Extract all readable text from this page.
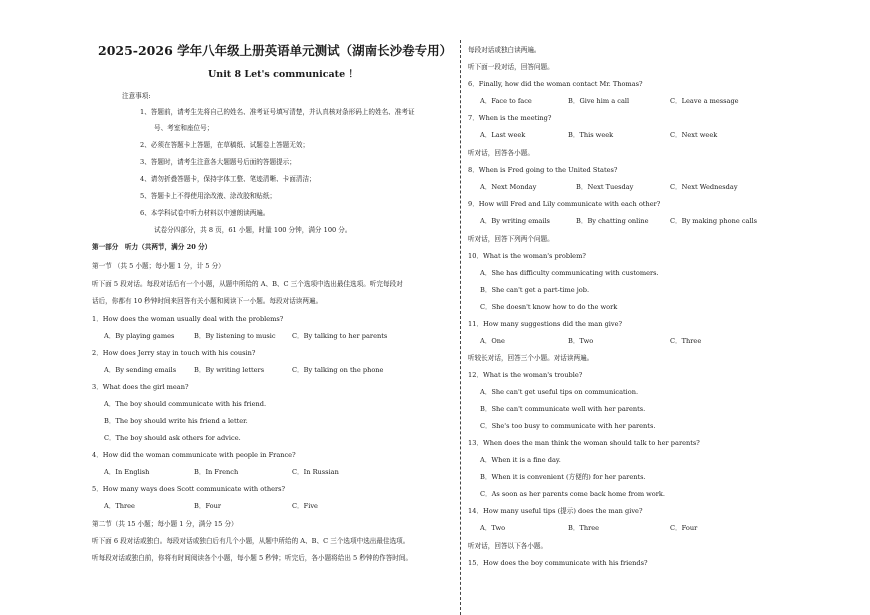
2025-2026 学年八年级上册英语单元测试（湖南长沙卷专用）
Unit 8 Let's communicate ！
注意事项:
1、答题前，请考生先将自己的姓名、准考证号填写清楚，并认真核对条形码上的姓名、准考证
号、考室和座位号；
2、必须在答题卡上答题，在草稿纸、试题卷上答题无效；
3、答题时，请考生注意各大题题号后面的答题提示；
4、请勿折叠答题卡，保持字体工整、笔迹清晰、卡面清洁；
5、答题卡上不得使用涂改液、涂改胶和贴纸；
6、本学科试卷中听力材料以中速朗读两遍。
试卷分四部分，共 8 页，61 小题，时量 100 分钟，满分 100 分。
第一部分　听力（共两节，满分 20 分）
第一节 （共 5 小题；每小题 1 分，计 5 分）
听下面 5 段对话。每段对话后有一个小题，从题中所给的 A、B、C 三个选项中选出最佳选项。听完每段对
话后，你都有 10 秒钟时间来回答有关小题和阅读下一小题。每段对话读两遍。
1．How does the woman usually deal with the problems?
A．By playing games	B．By listening to music C．By talking to her parents
2．How does Jerry stay in touch with his cousin?
A．By sending emails	B．By writing letters	C．By talking on the phone
3．What does the girl mean?
A．The boy should communicate with his friend.
B．The boy should write his friend a letter.
C．The boy should ask others for advice.
4．How did the woman communicate with people in France?
A．In English	B．In French	C．In Russian
5．How many ways does Scott communicate with others?
A．Three	B．Four	C．Five
第二节（共 15 小题；每小题 1 分，满分 15 分）
听下面 6 段对话或独白。每段对话或独白后有几个小题，从题中所给的 A、B、C 三个选项中选出最佳选项。
听每段对话或独白前，你将有时间阅读各个小题，每小题 5 秒钟；听完后，各小题将给出 5 秒钟的作答时间。
每段对话或独白读两遍。
听下面一段对话，回答问题。
6．Finally, how did the woman contact Mr. Thomas?
A．Face to face	B．Give him a call	C．Leave a message
7．When is the meeting?
A．Last week	B．This week	C．Next week
听对话，回答各小题。
8．When is Fred going to the United States?
A．Next Monday	B．Next Tuesday	C．Next Wednesday
9．How will Fred and Lily communicate with each other?
A．By writing emails	B．By chatting online	C．By making phone calls
听对话，回答下列两个问题。
10．What is the woman's problem?
A．She has difficulty communicating with customers.
B．She can't get a part-time job.
C．She doesn't know how to do the work
11．How many suggestions did the man give?
A．One	B．Two	C．Three
听较长对话，回答三个小题。对话读两遍。
12．What is the woman's trouble?
A．She can't get useful tips on communication.
B．She can't communicate well with her parents.
C．She's too busy to communicate with her parents.
13．When does the man think the woman should talk to her parents?
A．When it is a fine day.
B．When it is convenient (方便的) for her parents.
C．As soon as her parents come back home from work.
14．How many useful tips (提示) does the man give?
A．Two	B．Three	C．Four
听对话，回答以下各小题。
15．How does the boy communicate with his friends?
